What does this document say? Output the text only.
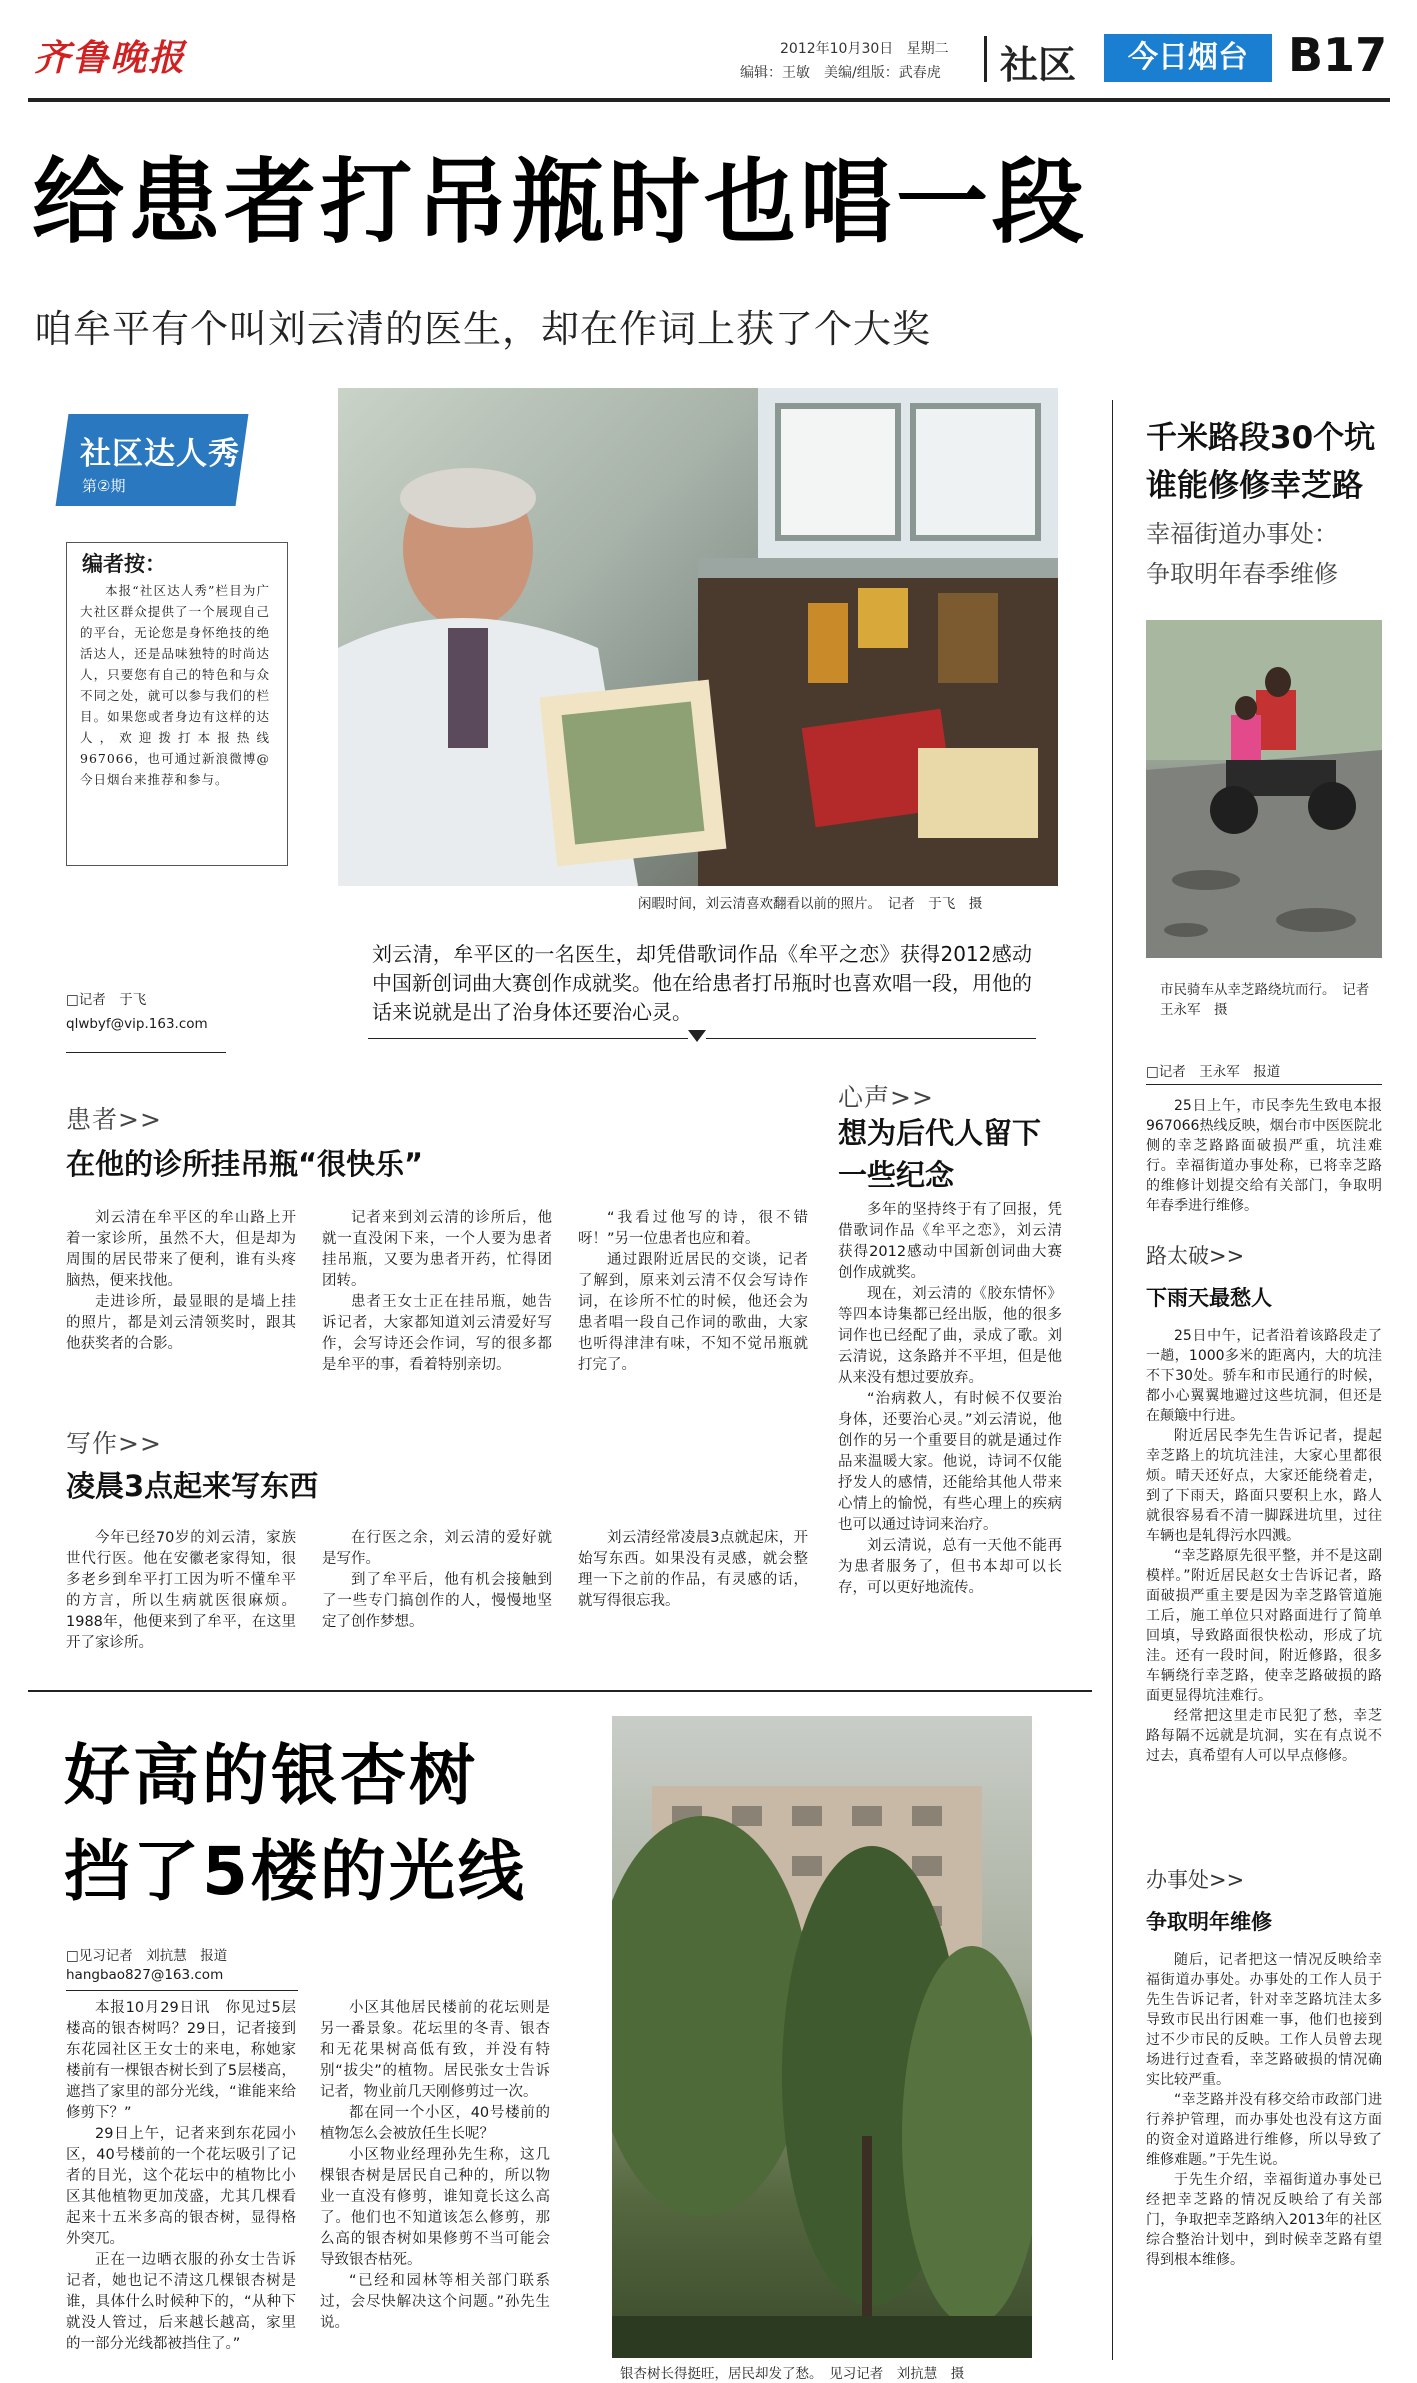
齐鲁晚报	2012年10月30日 星期二
编辑：王敏　美编/组版：武春虎 社区	今日烟台 B17
给患者打吊瓶时也唱一段
咱牟平有个叫刘云清的医生，却在作词上获了个大奖
社区达人秀
第②期
编者按：
本报“社区达人秀”栏目为广大社区群众提供了一个展现自己的平台，无论您是身怀绝技的绝活达人，还是品味独特的时尚达人，只要您有自己的特色和与众不同之处，就可以参与我们的栏目。如果您或者身边有这样的达人，欢迎拨打本报热线967066，也可通过新浪微博@今日烟台来推荐和参与。
□记者　于飞
qlwbyf@vip.163.com
闲暇时间，刘云清喜欢翻看以前的照片。　记者　于飞　摄
刘云清，牟平区的一名医生，却凭借歌词作品《牟平之恋》获得2012感动中国新创词曲大赛创作成就奖。他在给患者打吊瓶时也喜欢唱一段，用他的话来说就是出了治身体还要治心灵。
患者>>
在他的诊所挂吊瓶“很快乐”

刘云清在牟平区的牟山路上开着一家诊所，虽然不大，但是却为周围的居民带来了便利，谁有头疼脑热，便来找他。

走进诊所，最显眼的是墙上挂的照片，都是刘云清领奖时，跟其他获奖者的合影。

记者来到刘云清的诊所后，他就一直没闲下来，一个人要为患者挂吊瓶，又要为患者开药，忙得团团转。

患者王女士正在挂吊瓶，她告诉记者，大家都知道刘云清爱好写作，会写诗还会作词，写的很多都是牟平的事，看着特别亲切。

“我看过他写的诗，很不错呀！”另一位患者也应和着。

通过跟附近居民的交谈，记者了解到，原来刘云清不仅会写诗作词，在诊所不忙的时候，他还会为患者唱一段自己作词的歌曲，大家也听得津津有味，不知不觉吊瓶就打完了。

写作>>
凌晨3点起来写东西

今年已经70岁的刘云清，家族世代行医。他在安徽老家得知，很多老乡到牟平打工因为听不懂牟平的方言，所以生病就医很麻烦。1988年，他便来到了牟平，在这里开了家诊所。

在行医之余，刘云清的爱好就是写作。

到了牟平后，他有机会接触到了一些专门搞创作的人，慢慢地坚定了创作梦想。

刘云清经常凌晨3点就起床，开始写东西。如果没有灵感，就会整理一下之前的作品，有灵感的话，就写得很忘我。

心声>>
想为后代人留下一些纪念

多年的坚持终于有了回报，凭借歌词作品《牟平之恋》，刘云清获得2012感动中国新创词曲大赛创作成就奖。

现在，刘云清的《胶东情怀》等四本诗集都已经出版，他的很多词作也已经配了曲，录成了歌。刘云清说，这条路并不平坦，但是他从来没有想过要放弃。

“治病救人，有时候不仅要治身体，还要治心灵。”刘云清说，他创作的另一个重要目的就是通过作品来温暖大家。他说，诗词不仅能抒发人的感情，还能给其他人带来心情上的愉悦，有些心理上的疾病也可以通过诗词来治疗。

刘云清说，总有一天他不能再为患者服务了，但书本却可以长存，可以更好地流传。

好高的银杏树
挡了5楼的光线
□见习记者　刘抗慧　报道
hangbao827@163.com

本报10月29日讯　你见过5层楼高的银杏树吗？29日，记者接到东花园社区王女士的来电，称她家楼前有一棵银杏树长到了5层楼高，遮挡了家里的部分光线，“谁能来给修剪下？”

29日上午，记者来到东花园小区，40号楼前的一个花坛吸引了记者的目光，这个花坛中的植物比小区其他植物更加茂盛，尤其几棵看起来十五米多高的银杏树，显得格外突兀。

正在一边晒衣服的孙女士告诉记者，她也记不清这几棵银杏树是谁，具体什么时候种下的，“从种下就没人管过，后来越长越高，家里的一部分光线都被挡住了。”

小区其他居民楼前的花坛则是另一番景象。花坛里的冬青、银杏和无花果树高低有致，并没有特别“拔尖”的植物。居民张女士告诉记者，物业前几天刚修剪过一次。

都在同一个小区，40号楼前的植物怎么会被放任生长呢？

小区物业经理孙先生称，这几棵银杏树是居民自己种的，所以物业一直没有修剪，谁知竟长这么高了。他们也不知道该怎么修剪，那么高的银杏树如果修剪不当可能会导致银杏枯死。

“已经和园林等相关部门联系过，会尽快解决这个问题。”孙先生说。

银杏树长得挺旺，居民却发了愁。　见习记者　刘抗慧　摄
千米路段30个坑
谁能修修幸芝路
幸福街道办事处：
争取明年春季维修
市民骑车从幸芝路绕坑而行。　记者　王永军　摄
□记者　王永军　报道

25日上午，市民李先生致电本报967066热线反映，烟台市中医医院北侧的幸芝路路面破损严重，坑洼难行。幸福街道办事处称，已将幸芝路的维修计划提交给有关部门，争取明年春季进行维修。

路太破>>
下雨天最愁人

25日中午，记者沿着该路段走了一趟，1000多米的距离内，大的坑洼不下30处。骄车和市民通行的时候，都小心翼翼地避过这些坑洞，但还是在颠簸中行进。

附近居民李先生告诉记者，提起幸芝路上的坑坑洼洼，大家心里都很烦。晴天还好点，大家还能绕着走，到了下雨天，路面只要积上水，路人就很容易看不清一脚踩进坑里，过往车辆也是轧得污水四溅。

“幸芝路原先很平整，并不是这副模样。”附近居民赵女士告诉记者，路面破损严重主要是因为幸芝路管道施工后，施工单位只对路面进行了简单回填，导致路面很快松动，形成了坑洼。还有一段时间，附近修路，很多车辆绕行幸芝路，使幸芝路破损的路面更显得坑洼难行。

经常把这里走市民犯了愁，幸芝路每隔不远就是坑洞，实在有点说不过去，真希望有人可以早点修修。

办事处>>
争取明年维修

随后，记者把这一情况反映给幸福街道办事处。办事处的工作人员于先生告诉记者，针对幸芝路坑洼太多导致市民出行困难一事，他们也接到过不少市民的反映。工作人员曾去现场进行过查看，幸芝路破损的情况确实比较严重。

“幸芝路并没有移交给市政部门进行养护管理，而办事处也没有这方面的资金对道路进行维修，所以导致了维修难题。”于先生说。

于先生介绍，幸福街道办事处已经把幸芝路的情况反映给了有关部门，争取把幸芝路纳入2013年的社区综合整治计划中，到时候幸芝路有望得到根本维修。
